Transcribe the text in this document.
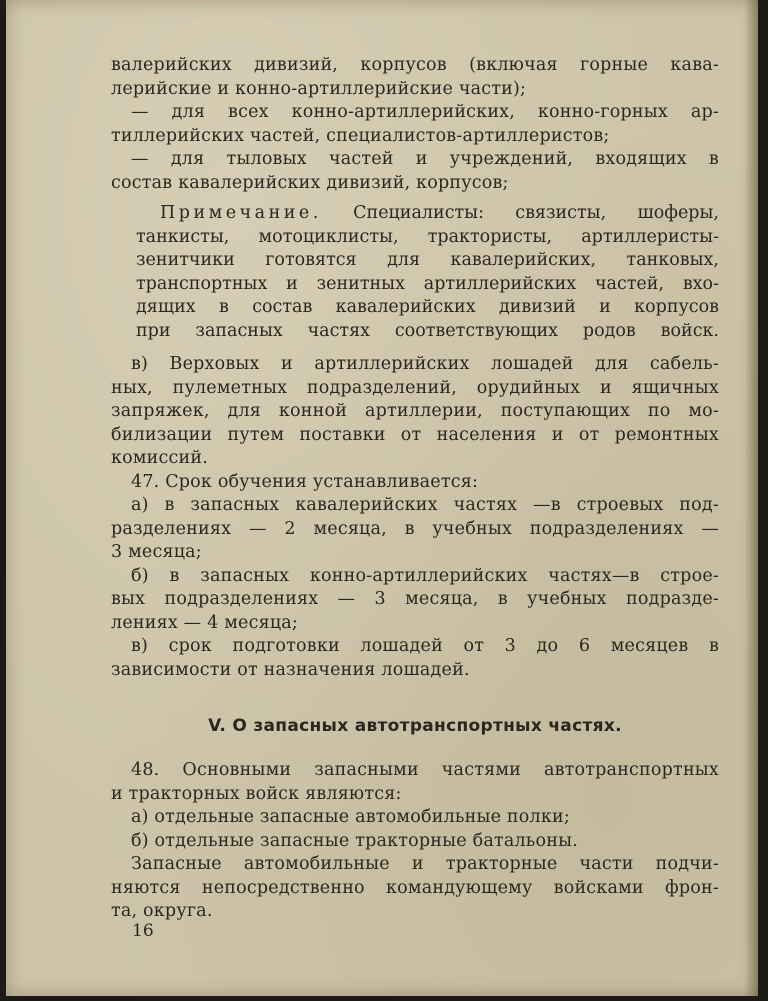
валерийских дивизий, корпусов (включая горные кава-
лерийские и конно-артиллерийские части);
— для всех конно-артиллерийских, конно-горных ар-
тиллерийских частей, специалистов-артиллеристов;
— для тыловых частей и учреждений, входящих в
состав кавалерийских дивизий, корпусов;
Примечание. Специалисты: связисты, шоферы,
танкисты, мотоциклисты, трактористы, артиллеристы-
зенитчики готовятся для кавалерийских, танковых,
транспортных и зенитных артиллерийских частей, вхо-
дящих в состав кавалерийских дивизий и корпусов
при запасных частях соответствующих родов войск.
в) Верховых и артиллерийских лошадей для сабель-
ных, пулеметных подразделений, орудийных и ящичных
запряжек, для конной артиллерии, поступающих по мо-
билизации путем поставки от населения и от ремонтных
комиссий.
47. Срок обучения устанавливается:
а) в запасных кавалерийских частях —в строевых под-
разделениях — 2 месяца, в учебных подразделениях —
3 месяца;
б) в запасных конно-артиллерийских частях—в строе-
вых подразделениях — 3 месяца, в учебных подразде-
лениях — 4 месяца;
в) срок подготовки лошадей от 3 до 6 месяцев в
зависимости от назначения лошадей.
V. О запасных автотранспортных частях.
48. Основными запасными частями автотранспортных
и тракторных войск являются:
а) отдельные запасные автомобильные полки;
б) отдельные запасные тракторные батальоны.
Запасные автомобильные и тракторные части подчи-
няются непосредственно командующему войсками фрон-
та, округа.
16
